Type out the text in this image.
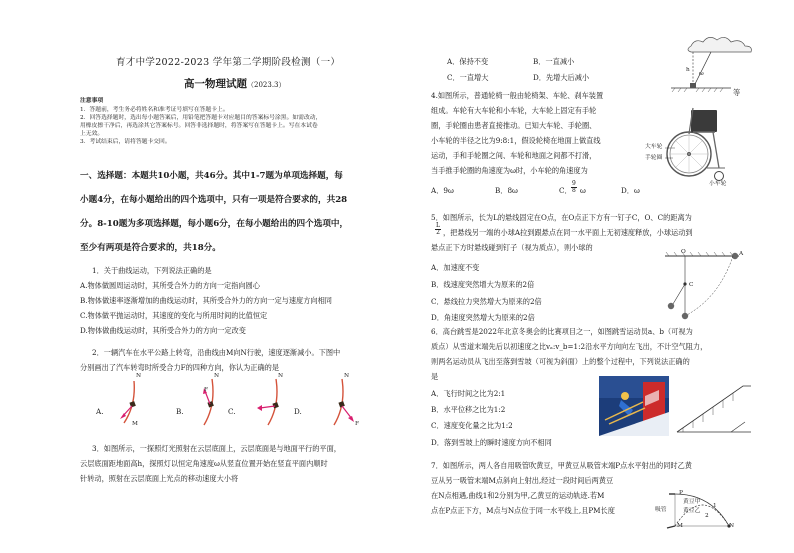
育才中学2022-2023 学年第二学期阶段检测（一）
高一物理试题（2023.3）
注意事项
1．答题前，考生务必将姓名和准考证号填写在答题卡上。
2．回答选择题时，选出每小题答案后，用铅笔把答题卡对应题目的答案标号涂黑。如需改动，
用橡皮擦干净后，再选涂其它答案标号。回答非选择题时，将答案写在答题卡上。写在本试卷
上无效。
3．考试结束后，请将答题卡交回。
一、选择题：本题共10小题，共46分。其中1-7题为单项选择题，每
小题4分，在每小题给出的四个选项中，只有一项是符合要求的，共28
分。8-10题为多项选择题，每小题6分，在每小题给出的四个选项中，
至少有两项是符合要求的，共18分。
1．关于曲线运动，下列说法正确的是
A.物体做圆周运动时，其所受合外力的方向一定指向圆心
B.物体做速率逐渐增加的曲线运动时，其所受合外力的方向一定与速度方向相同
C.物体做平抛运动时，其速度的变化与所用时间的比值恒定
D.物体做曲线运动时，其所受合外力的方向一定改变
2．一辆汽车在水平公路上转弯，沿曲线由M向N行驶，速度逐渐减小。下图中
分别画出了汽车转弯时所受合力F的四种方向，你认为正确的是
A.	B.	C.	D.
N
M
N
F
N	N
F
3．如图所示，一探照灯光照射在云层底面上，云层底面是与地面平行的平面，
云层底面距地面高h，探照灯以恒定角速度ω从竖直位置开始在竖直平面内顺时
针转动，照射在云层底面上光点的移动速度大小将
A．保持不变	B．一直减小
C．一直增大	D．先增大后减小
h
ω
4.如图所示，普通轮椅一般由轮椅架、车轮、刹车装置	等
组成。车轮有大车轮和小车轮，大车轮上固定有手轮
圈，手轮圈由患者直接推动。已知大车轮、手轮圈、
小车轮的半径之比为9:8:1，假设轮椅在地面上做直线
运动，手和手轮圈之间、车轮和地面之间都不打滑，
当手推手轮圈的角速度为ω时，小车轮的角速度为
A．9ω	B．8ω	C．
9
8 ω	D．ω
大车轮
手轮圈
小车轮
5．如图所示，长为L的悬线固定在O点，在O点正下方有一钉子C，O、C的距离为
L
2 ，把悬线另一端的小球A拉到跟悬点在同一水平面上无初速度释放，小球运动到
悬点正下方时悬线碰到钉子（视为质点），则小球的
A．加速度不变
B．线速度突然增大为原来的2倍
C．悬线拉力突然增大为原来的2倍
D．角速度突然增大为原来的2倍
O	A
C
6．高台跳雪是2022年北京冬奥会的比赛项目之一，如图跳雪运动员a、b（可视为
质点）从雪道末端先后以初速度之比vₐ:v_b=1:2沿水平方向向左飞出，不计空气阻力，
则两名运动员从飞出至落到雪坡（可视为斜面）上的整个过程中，下列说法正确的
是
A．飞行时间之比为2:1
B．水平位移之比为1:2
C．速度变化量之比为1:2
D．落到雪坡上的瞬时速度方向不相同
7．如图所示，两人各自用吸管吹黄豆，甲黄豆从吸管末端P点水平射出的同时乙黄
豆从另一吸管末端M点斜向上射出,经过一段时间后两黄豆
在N点相遇,曲线1和2分别为甲,乙黄豆的运动轨迹.若M
点在P点正下方，M点与N点位于同一水平线上,且PM长度
P
M	N
1
2
黄豆甲
黄豆乙
吸管
